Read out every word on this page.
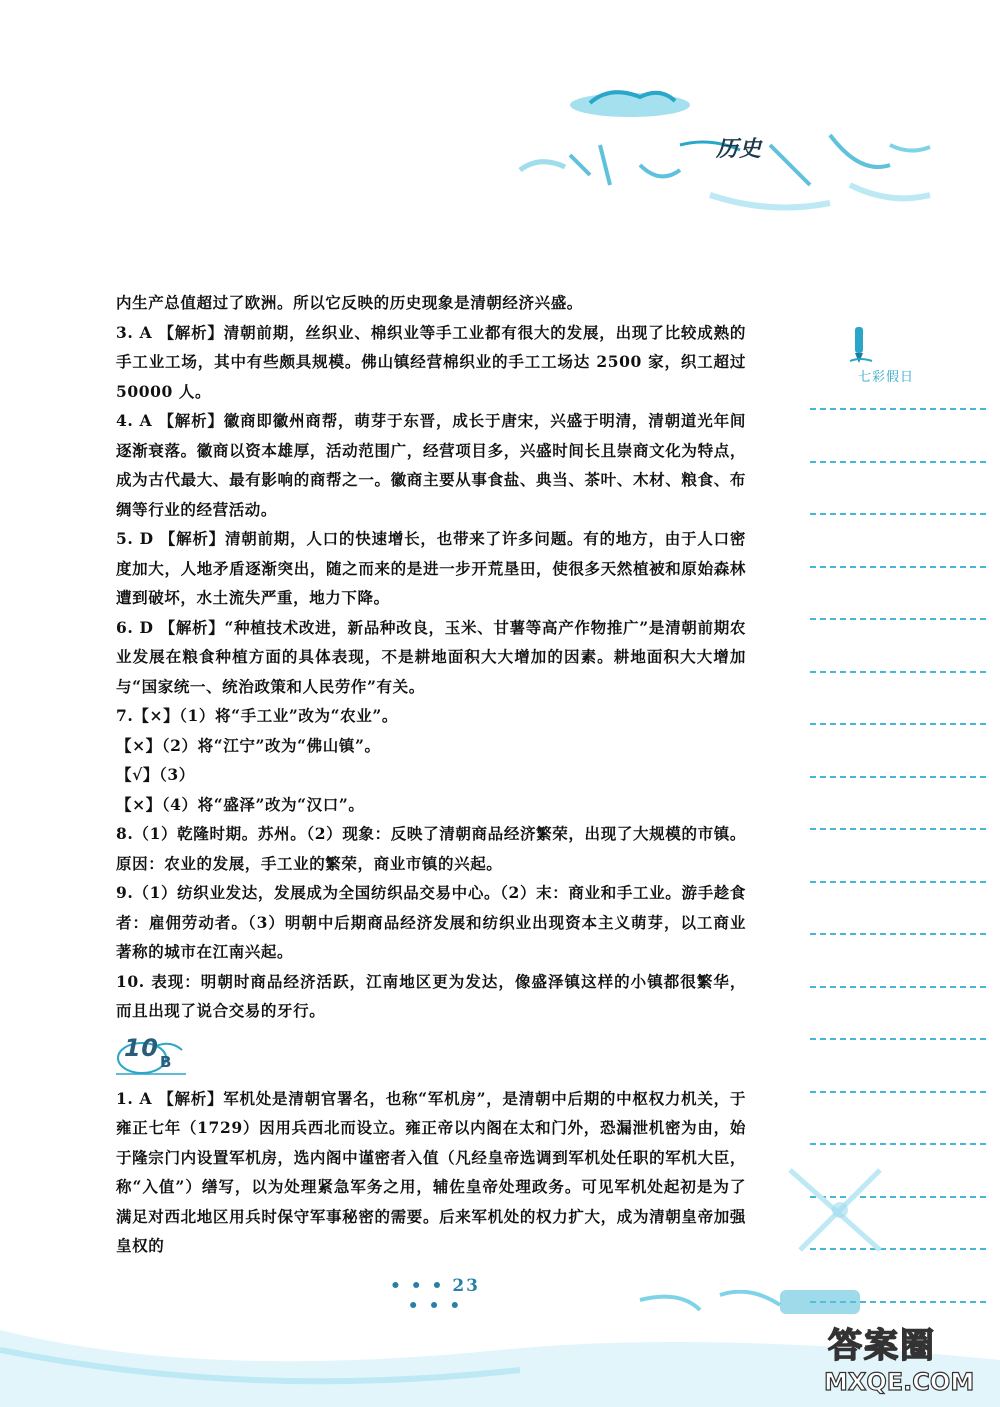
历史
七彩假日

内生产总值超过了欧洲。所以它反映的历史现象是清朝经济兴盛。

3. A 【解析】清朝前期，丝织业、棉织业等手工业都有很大的发展，出现了比较成熟的手工业工场，其中有些颇具规模。佛山镇经营棉织业的手工工场达 2500 家，织工超过 50000 人。

4. A 【解析】徽商即徽州商帮，萌芽于东晋，成长于唐宋，兴盛于明清，清朝道光年间逐渐衰落。徽商以资本雄厚，活动范围广，经营项目多，兴盛时间长且崇商文化为特点，成为古代最大、最有影响的商帮之一。徽商主要从事食盐、典当、茶叶、木材、粮食、布绸等行业的经营活动。

5. D 【解析】清朝前期，人口的快速增长，也带来了许多问题。有的地方，由于人口密度加大，人地矛盾逐渐突出，随之而来的是进一步开荒垦田，使很多天然植被和原始森林遭到破坏，水土流失严重，地力下降。

6. D 【解析】“种植技术改进，新品种改良，玉米、甘薯等高产作物推广”是清朝前期农业发展在粮食种植方面的具体表现，不是耕地面积大大增加的因素。耕地面积大大增加与“国家统一、统治政策和人民劳作”有关。

7.【×】（1）将“手工业”改为“农业”。

【×】（2）将“江宁”改为“佛山镇”。

【√】（3）

【×】（4）将“盛泽”改为“汉口”。

8.（1）乾隆时期。苏州。（2）现象：反映了清朝商品经济繁荣，出现了大规模的市镇。原因：农业的发展，手工业的繁荣，商业市镇的兴起。

9.（1）纺织业发达，发展成为全国纺织品交易中心。（2）末：商业和手工业。游手趁食者：雇佣劳动者。（3）明朝中后期商品经济发展和纺织业出现资本主义萌芽，以工商业著称的城市在江南兴起。

10. 表现：明朝时商品经济活跃，江南地区更为发达，像盛泽镇这样的小镇都很繁华，而且出现了说合交易的牙行。

10 B

1. A 【解析】军机处是清朝官署名，也称“军机房”，是清朝中后期的中枢权力机关，于雍正七年（1729）因用兵西北而设立。雍正帝以内阁在太和门外，恐漏泄机密为由，始于隆宗门内设置军机房，选内阁中谨密者入值（凡经皇帝选调到军机处任职的军机大臣，称“入值”）缮写，以为处理紧急军务之用，辅佐皇帝处理政务。可见军机处起初是为了满足对西北地区用兵时保守军事秘密的需要。后来军机处的权力扩大，成为清朝皇帝加强皇权的

• • • 23 • • •
答案圈
MXQE.COM
